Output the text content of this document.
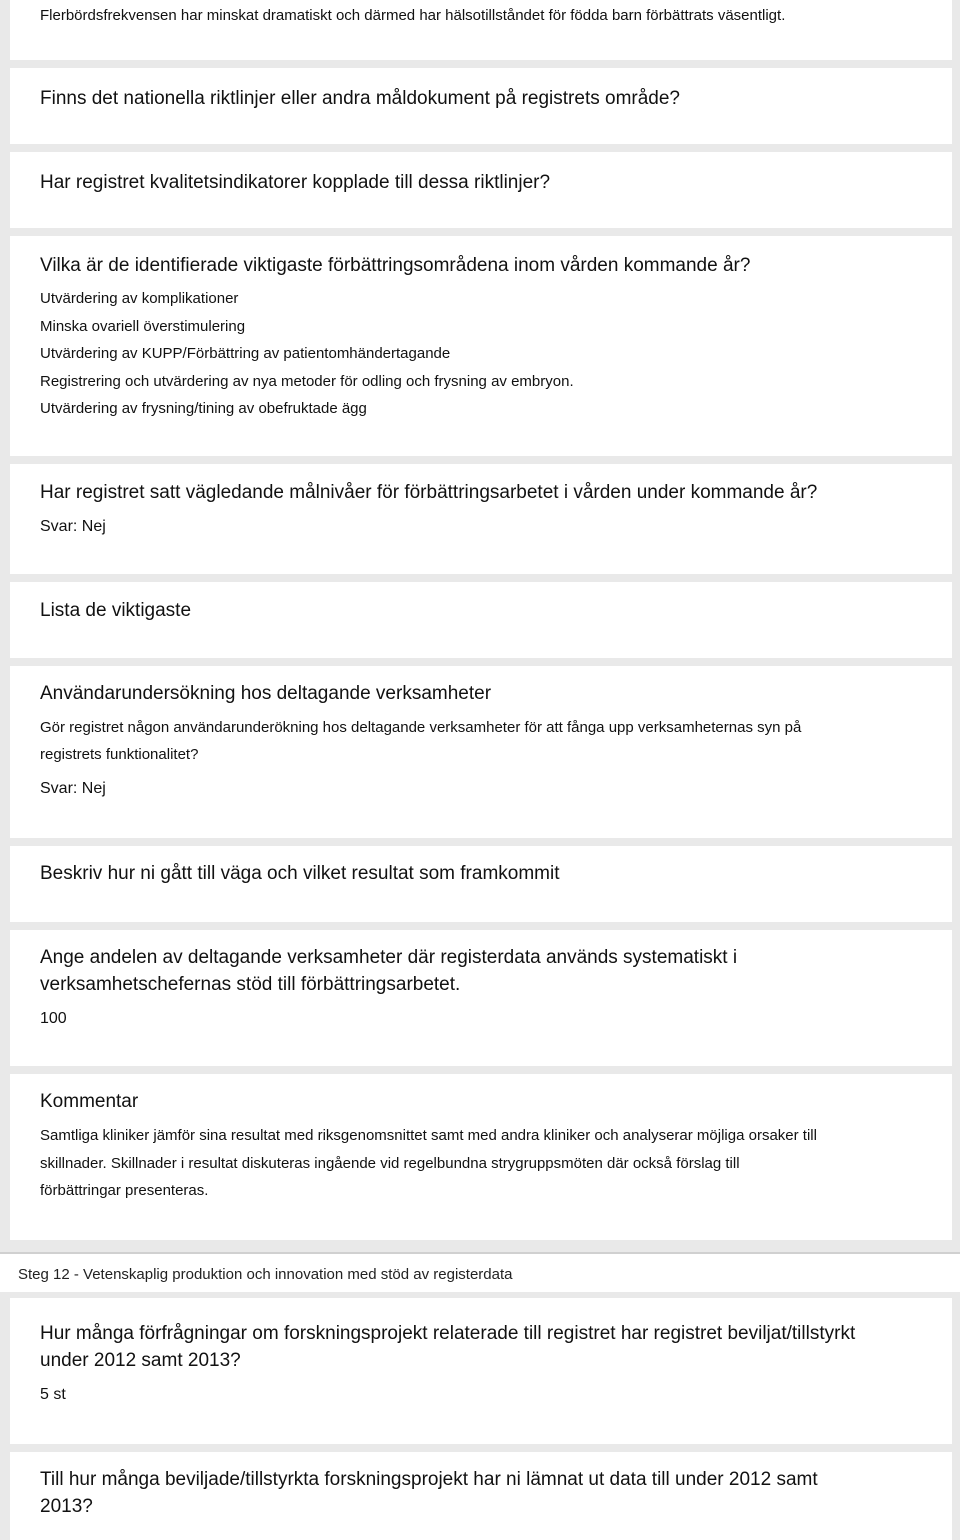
Flerbördsfrekvensen har minskat dramatiskt och därmed har hälsotillståndet för födda barn förbättrats väsentligt.

Finns det nationella riktlinjer eller andra måldokument på registrets område?

Har registret kvalitetsindikatorer kopplade till dessa riktlinjer?

Vilka är de identifierade viktigaste förbättringsområdena inom vården kommande år?

Utvärdering av komplikationer

Minska ovariell överstimulering

Utvärdering av KUPP/Förbättring av patientomhändertagande

Registrering och utvärdering av nya metoder för odling och frysning av embryon.

Utvärdering av frysning/tining av obefruktade ägg

Har registret satt vägledande målnivåer för förbättringsarbetet i vården under kommande år?

Svar: Nej

Lista de viktigaste

Användarundersökning hos deltagande verksamheter

Gör registret någon användarunderökning hos deltagande verksamheter för att fånga upp verksamheternas syn på

registrets funktionalitet?

Svar: Nej

Beskriv hur ni gått till väga och vilket resultat som framkommit

Ange andelen av deltagande verksamheter där registerdata används systematiskt i

verksamhetschefernas stöd till förbättringsarbetet.

100

Kommentar

Samtliga kliniker jämför sina resultat med riksgenomsnittet samt med andra kliniker och analyserar möjliga orsaker till

skillnader. Skillnader i resultat diskuteras ingående vid regelbundna strygruppsmöten där också förslag till

förbättringar presenteras.

Steg 12 - Vetenskaplig produktion och innovation med stöd av registerdata

Hur många förfrågningar om forskningsprojekt relaterade till registret har registret beviljat/tillstyrkt

under 2012 samt 2013?

5 st

Till hur många beviljade/tillstyrkta forskningsprojekt har ni lämnat ut data till under 2012 samt

2013?
